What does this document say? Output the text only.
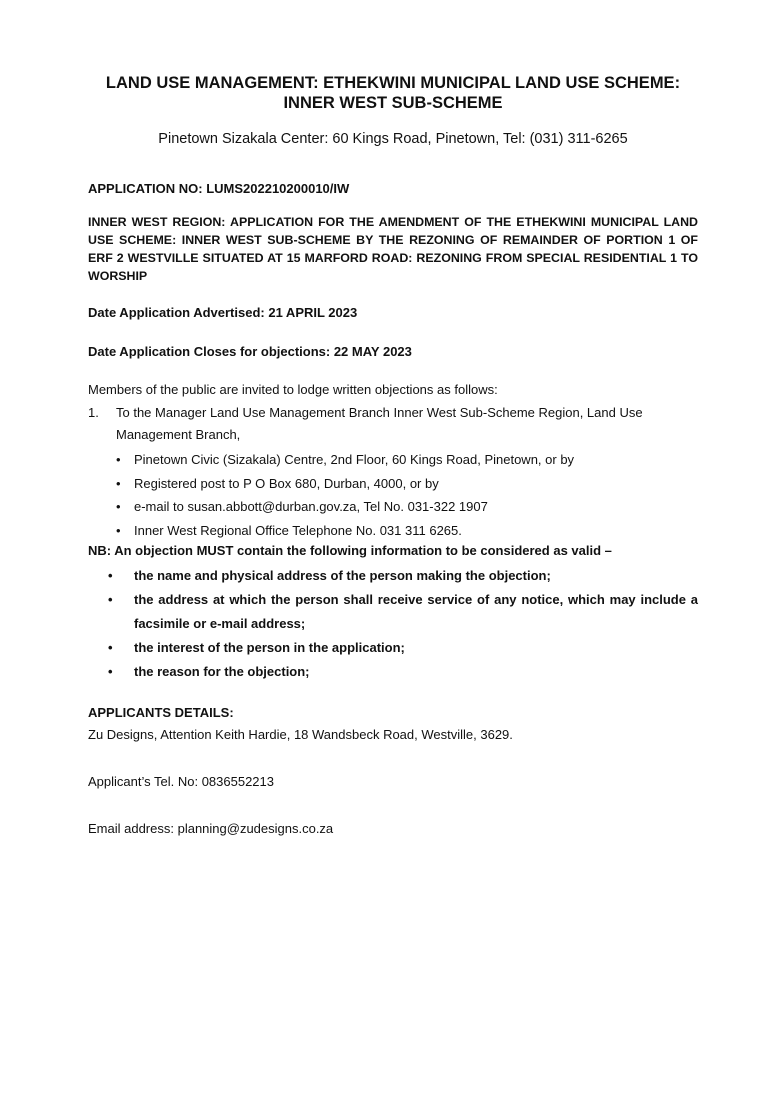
LAND USE MANAGEMENT: ETHEKWINI MUNICIPAL LAND USE SCHEME: INNER WEST SUB-SCHEME

Pinetown Sizakala Center: 60 Kings Road, Pinetown, Tel: (031) 311-6265

APPLICATION NO: LUMS202210200010/IW

INNER WEST REGION: APPLICATION FOR THE AMENDMENT OF THE ETHEKWINI MUNICIPAL LAND USE SCHEME: INNER WEST SUB-SCHEME BY THE REZONING OF REMAINDER OF PORTION 1 OF ERF 2 WESTVILLE SITUATED AT 15 MARFORD ROAD: REZONING FROM SPECIAL RESIDENTIAL 1 TO WORSHIP

Date Application Advertised: 21 APRIL 2023

Date Application Closes for objections: 22 MAY 2023

Members of the public are invited to lodge written objections as follows:

1.	To the Manager Land Use Management Branch Inner West Sub-Scheme Region, Land Use Management Branch,
•	Pinetown Civic (Sizakala) Centre, 2nd Floor, 60 Kings Road, Pinetown, or by
•	Registered post to P O Box 680, Durban, 4000, or by
•	e-mail to susan.abbott@durban.gov.za, Tel No. 031-322 1907
•	Inner West Regional Office Telephone No. 031 311 6265.

NB: An objection MUST contain the following information to be considered as valid –

•	the name and physical address of the person making the objection;
•	the address at which the person shall receive service of any notice, which may include a facsimile or e-mail address;
•	the interest of the person in the application;
•	the reason for the objection;

APPLICANTS DETAILS:

Zu Designs, Attention Keith Hardie, 18 Wandsbeck Road, Westville, 3629.

Applicant’s Tel. No: 0836552213

Email address: planning@zudesigns.co.za
